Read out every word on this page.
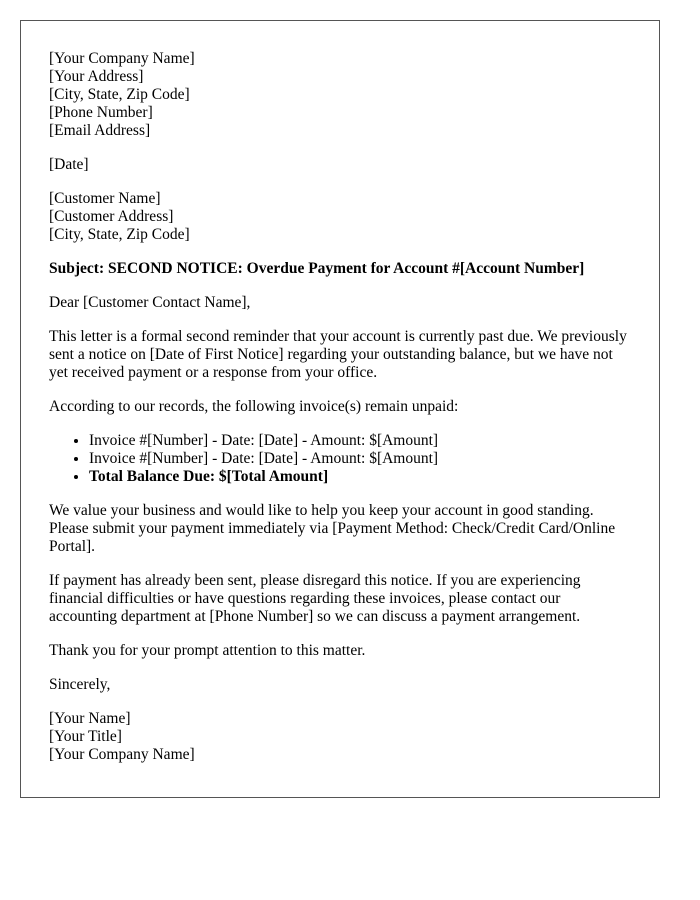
[Your Company Name]
[Your Address]
[City, State, Zip Code]
[Phone Number]
[Email Address]
[Date]
[Customer Name]
[Customer Address]
[City, State, Zip Code]
Subject: SECOND NOTICE: Overdue Payment for Account #[Account Number]

Dear [Customer Contact Name],

This letter is a formal second reminder that your account is currently past due. We previously sent a notice on [Date of First Notice] regarding your outstanding balance, but we have not yet received payment or a response from your office.

According to our records, the following invoice(s) remain unpaid:

• Invoice #[Number] - Date: [Date] - Amount: $[Amount]
• Invoice #[Number] - Date: [Date] - Amount: $[Amount]
• Total Balance Due: $[Total Amount]

We value your business and would like to help you keep your account in good standing. Please submit your payment immediately via [Payment Method: Check/Credit Card/Online Portal].

If payment has already been sent, please disregard this notice. If you are experiencing financial difficulties or have questions regarding these invoices, please contact our accounting department at [Phone Number] so we can discuss a payment arrangement.

Thank you for your prompt attention to this matter.

Sincerely,

[Your Name]
[Your Title]
[Your Company Name]
